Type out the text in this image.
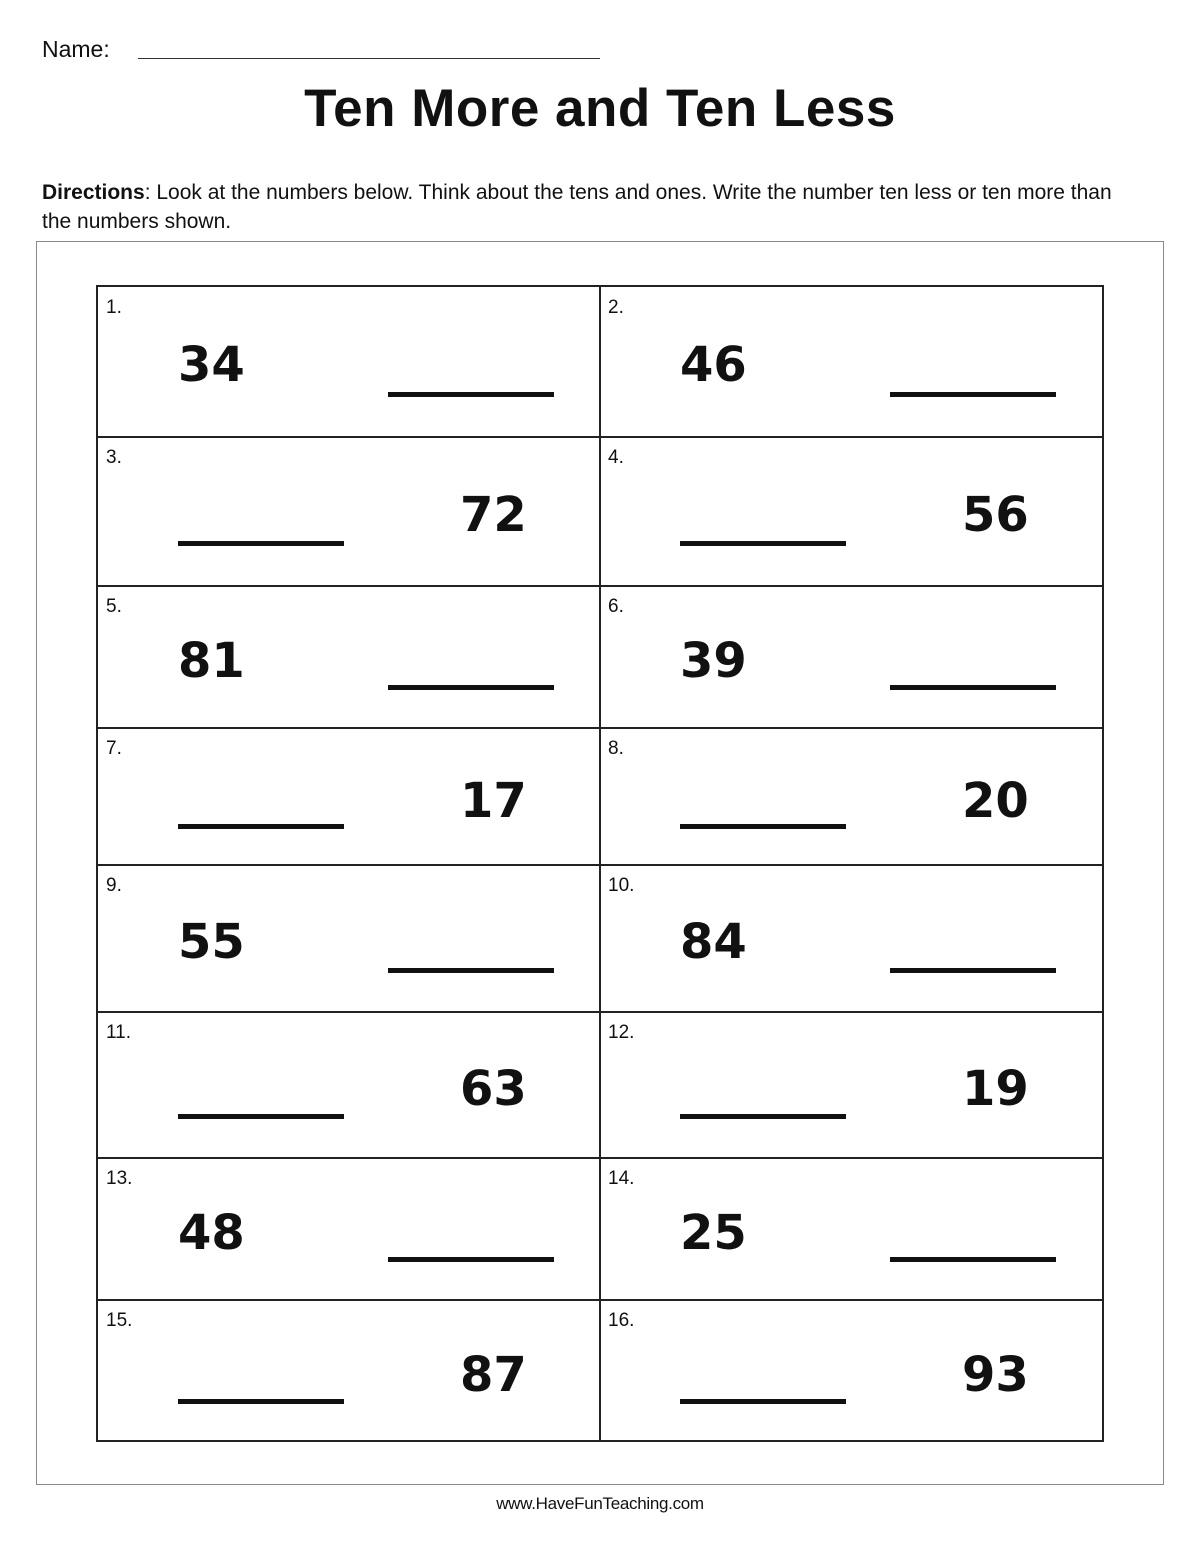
Name:
Ten More and Ten Less
Directions: Look at the numbers below. Think about the tens and ones. Write the number ten less or ten more than the numbers shown.
1.
34
2.
46
3.
72
4.
56
5.
81
6.
39
7.
17
8.
20
9.
55
10.
84
11.
63
12.
19
13.
48
14.
25
15.
87
16.
93
www.HaveFunTeaching.com
